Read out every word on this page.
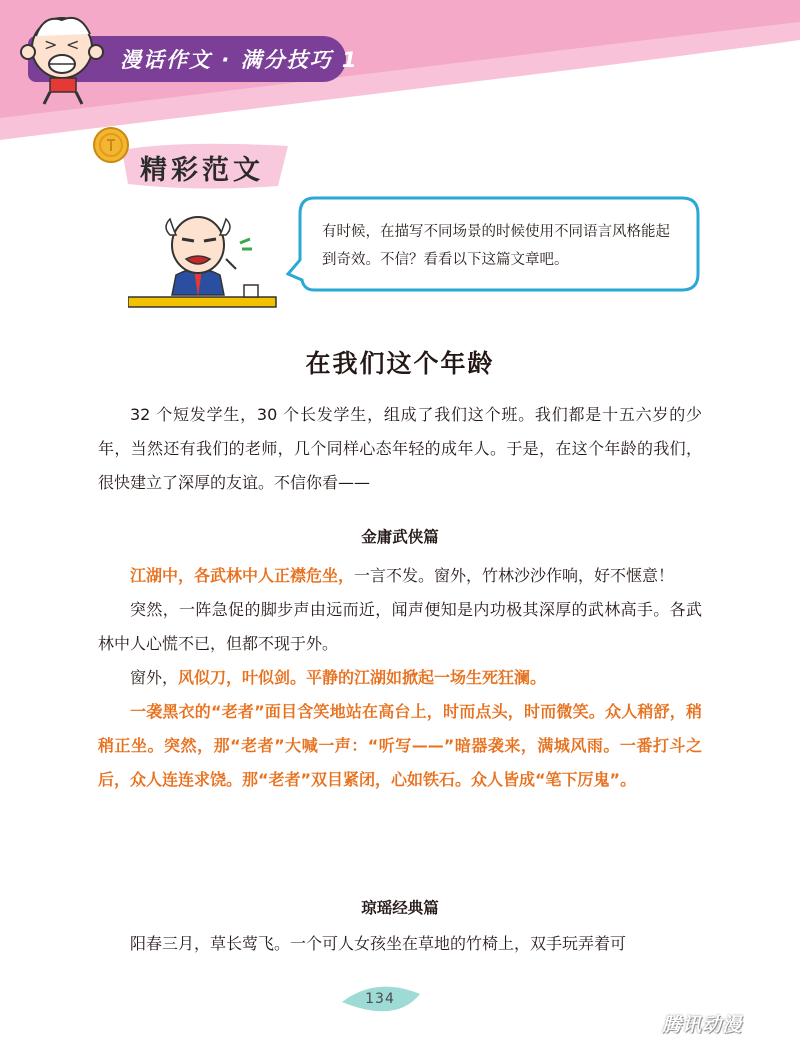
> <
漫话作文 · 满分技巧 1
精彩范文
有时候，在描写不同场景的时候使用不同语言风格能起到奇效。不信？看看以下这篇文章吧。
在我们这个年龄

32 个短发学生，30 个长发学生，组成了我们这个班。我们都是十五六岁的少年，当然还有我们的老师，几个同样心态年轻的成年人。于是，在这个年龄的我们，很快建立了深厚的友谊。不信你看——

金庸武侠篇

江湖中，各武林中人正襟危坐，一言不发。窗外，竹林沙沙作响，好不惬意！

突然，一阵急促的脚步声由远而近，闻声便知是内功极其深厚的武林高手。各武林中人心慌不已，但都不现于外。

窗外，风似刀，叶似剑。平静的江湖如掀起一场生死狂澜。

一袭黑衣的“老者”面目含笑地站在高台上，时而点头，时而微笑。众人稍舒，稍稍正坐。突然，那“老者”大喊一声：“听写——”暗器袭来，满城风雨。一番打斗之后，众人连连求饶。那“老者”双目紧闭，心如铁石。众人皆成“笔下厉鬼”。

琼瑶经典篇

阳春三月，草长莺飞。一个可人女孩坐在草地的竹椅上，双手玩弄着可

134
腾讯动漫
